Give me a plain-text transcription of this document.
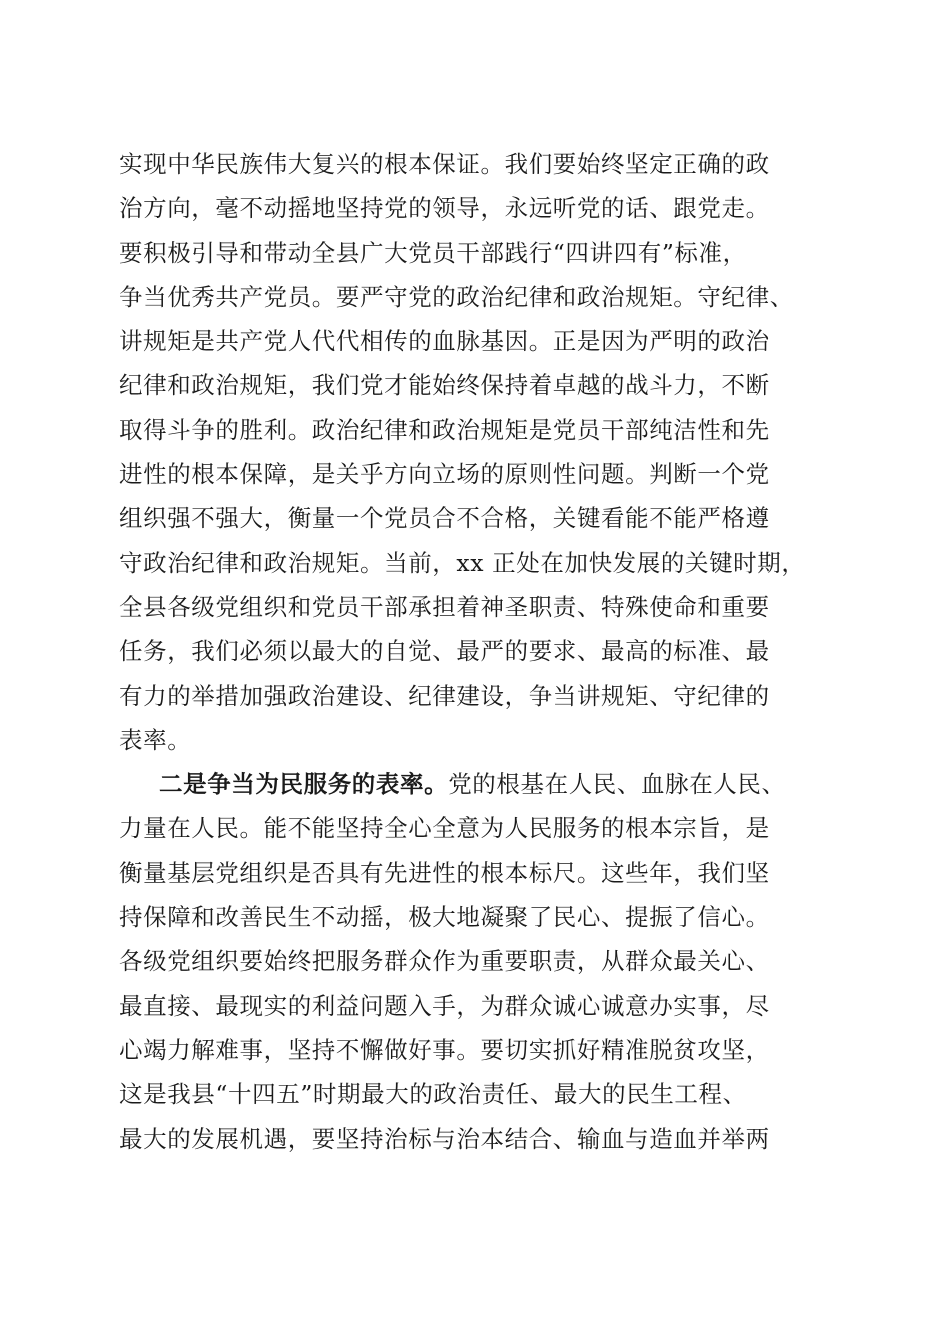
实现中华民族伟大复兴的根本保证。我们要始终坚定正确的政
治方向，毫不动摇地坚持党的领导，永远听党的话、跟党走。
要积极引导和带动全县广大党员干部践行“四讲四有”标准，
争当优秀共产党员。要严守党的政治纪律和政治规矩。守纪律、
讲规矩是共产党人代代相传的血脉基因。正是因为严明的政治
纪律和政治规矩，我们党才能始终保持着卓越的战斗力，不断
取得斗争的胜利。政治纪律和政治规矩是党员干部纯洁性和先
进性的根本保障，是关乎方向立场的原则性问题。判断一个党
组织强不强大，衡量一个党员合不合格，关键看能不能严格遵
守政治纪律和政治规矩。当前，xx 正处在加快发展的关键时期，
全县各级党组织和党员干部承担着神圣职责、特殊使命和重要
任务，我们必须以最大的自觉、最严的要求、最高的标准、最
有力的举措加强政治建设、纪律建设，争当讲规矩、守纪律的
表率。
二是争当为民服务的表率。党的根基在人民、血脉在人民、
力量在人民。能不能坚持全心全意为人民服务的根本宗旨，是
衡量基层党组织是否具有先进性的根本标尺。这些年，我们坚
持保障和改善民生不动摇，极大地凝聚了民心、提振了信心。
各级党组织要始终把服务群众作为重要职责，从群众最关心、
最直接、最现实的利益问题入手，为群众诚心诚意办实事，尽
心竭力解难事，坚持不懈做好事。要切实抓好精准脱贫攻坚，
这是我县“十四五”时期最大的政治责任、最大的民生工程、
最大的发展机遇，要坚持治标与治本结合、输血与造血并举两
